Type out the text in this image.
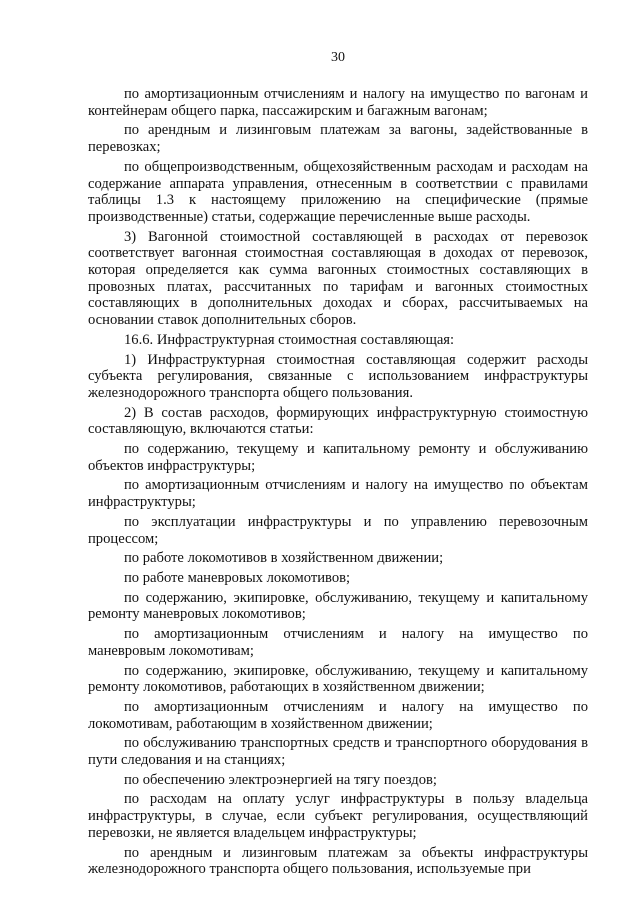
30

по амортизационным отчислениям и налогу на имущество по вагонам и контейнерам общего парка, пассажирским и багажным вагонам;

по арендным и лизинговым платежам за вагоны, задействованные в перевозках;

по общепроизводственным, общехозяйственным расходам и расходам на содержание аппарата управления, отнесенным в соответствии с правилами таблицы 1.3 к настоящему приложению на специфические (прямые производственные) статьи, содержащие перечисленные выше расходы.

3) Вагонной стоимостной составляющей в расходах от перевозок соответствует вагонная стоимостная составляющая в доходах от перевозок, которая определяется как сумма вагонных стоимостных составляющих в провозных платах, рассчитанных по тарифам и вагонных стоимостных составляющих в дополнительных доходах и сборах, рассчитываемых на основании ставок дополнительных сборов.

16.6. Инфраструктурная стоимостная составляющая:

1) Инфраструктурная стоимостная составляющая содержит расходы субъекта регулирования, связанные с использованием инфраструктуры железнодорожного транспорта общего пользования.

2) В состав расходов, формирующих инфраструктурную стоимостную составляющую, включаются статьи:

по содержанию, текущему и капитальному ремонту и обслуживанию объектов инфраструктуры;

по амортизационным отчислениям и налогу на имущество по объектам инфраструктуры;

по эксплуатации инфраструктуры и по управлению перевозочным процессом;

по работе локомотивов в хозяйственном движении;

по работе маневровых локомотивов;

по содержанию, экипировке, обслуживанию, текущему и капитальному ремонту маневровых локомотивов;

по амортизационным отчислениям и налогу на имущество по маневровым локомотивам;

по содержанию, экипировке, обслуживанию, текущему и капитальному ремонту локомотивов, работающих в хозяйственном движении;

по амортизационным отчислениям и налогу на имущество по локомотивам, работающим в хозяйственном движении;

по обслуживанию транспортных средств и транспортного оборудования в пути следования и на станциях;

по обеспечению электроэнергией на тягу поездов;

по расходам на оплату услуг инфраструктуры в пользу владельца инфраструктуры, в случае, если субъект регулирования, осуществляющий перевозки, не является владельцем инфраструктуры;

по арендным и лизинговым платежам за объекты инфраструктуры железнодорожного транспорта общего пользования, используемые при
